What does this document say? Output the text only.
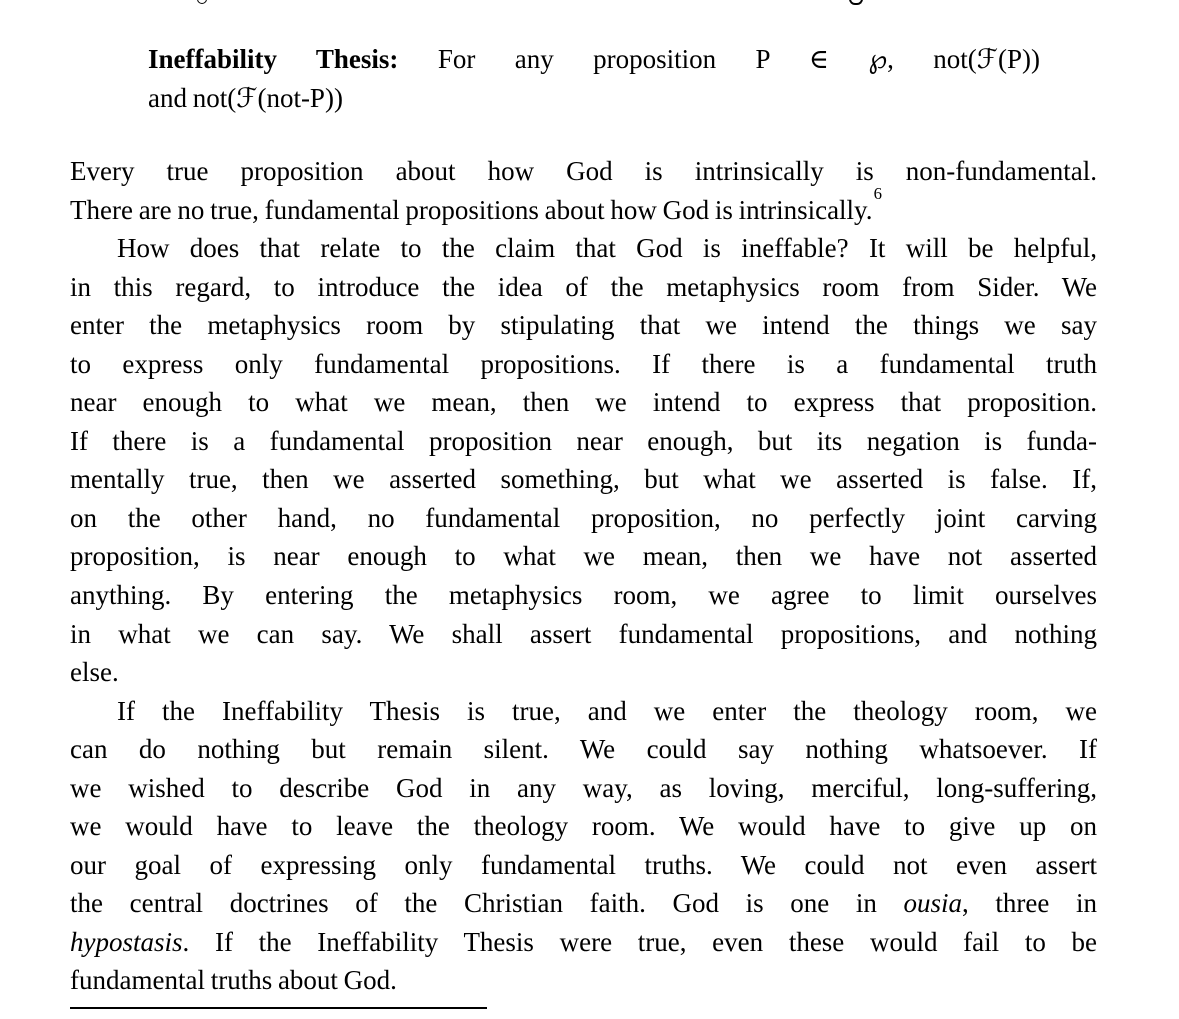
Ineffability Thesis: For any proposition P ∈ ℘, not(ℱ(P))
and not(ℱ(not-P))
Every true proposition about how God is intrinsically is non-fundamental.
There are no true, fundamental propositions about how God is intrinsically.$^6$
How does that relate to the claim that God is ineffable? It will be helpful,
in this regard, to introduce the idea of the metaphysics room from Sider. We
enter the metaphysics room by stipulating that we intend the things we say
to express only fundamental propositions. If there is a fundamental truth
near enough to what we mean, then we intend to express that proposition.
If there is a fundamental proposition near enough, but its negation is funda-
mentally true, then we asserted something, but what we asserted is false. If,
on the other hand, no fundamental proposition, no perfectly joint carving
proposition, is near enough to what we mean, then we have not asserted
anything. By entering the metaphysics room, we agree to limit ourselves
in what we can say. We shall assert fundamental propositions, and nothing
else.
If the Ineffability Thesis is true, and we enter the theology room, we
can do nothing but remain silent. We could say nothing whatsoever. If
we wished to describe God in any way, as loving, merciful, long-suffering,
we would have to leave the theology room. We would have to give up on
our goal of expressing only fundamental truths. We could not even assert
the central doctrines of the Christian faith. God is one in ousia, three in
hypostasis. If the Ineffability Thesis were true, even these would fail to be
fundamental truths about God.
